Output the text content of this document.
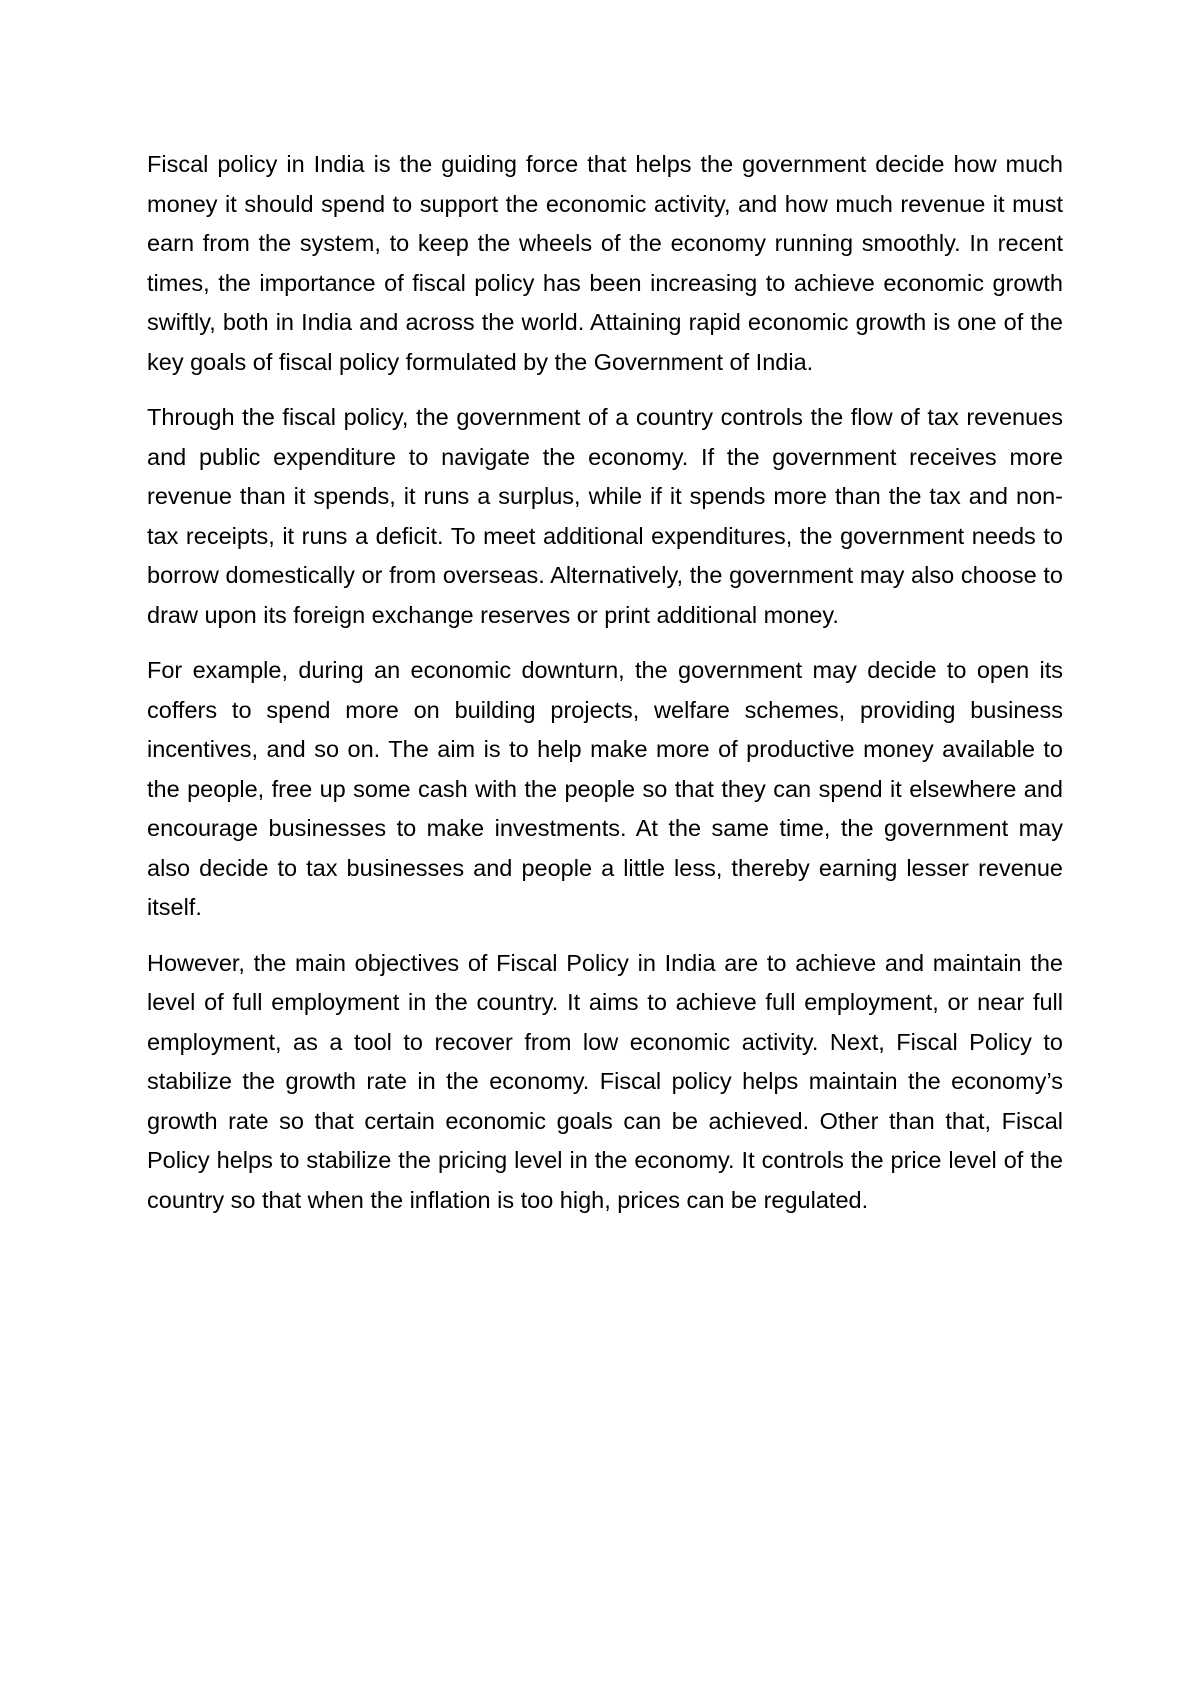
Fiscal policy in India is the guiding force that helps the government decide how much money it should spend to support the economic activity, and how much revenue it must earn from the system, to keep the wheels of the economy running smoothly. In recent times, the importance of fiscal policy has been increasing to achieve economic growth swiftly, both in India and across the world. Attaining rapid economic growth is one of the key goals of fiscal policy formulated by the Government of India.

Through the fiscal policy, the government of a country controls the flow of tax revenues and public expenditure to navigate the economy. If the government receives more revenue than it spends, it runs a surplus, while if it spends more than the tax and non-tax receipts, it runs a deficit. To meet additional expenditures, the government needs to borrow domestically or from overseas. Alternatively, the government may also choose to draw upon its foreign exchange reserves or print additional money.

For example, during an economic downturn, the government may decide to open its coffers to spend more on building projects, welfare schemes, providing business incentives, and so on. The aim is to help make more of productive money available to the people, free up some cash with the people so that they can spend it elsewhere and encourage businesses to make investments. At the same time, the government may also decide to tax businesses and people a little less, thereby earning lesser revenue itself.

However, the main objectives of Fiscal Policy in India are to achieve and maintain the level of full employment in the country. It aims to achieve full employment, or near full employment, as a tool to recover from low economic activity. Next, Fiscal Policy to stabilize the growth rate in the economy. Fiscal policy helps maintain the economy’s growth rate so that certain economic goals can be achieved. Other than that, Fiscal Policy helps to stabilize the pricing level in the economy. It controls the price level of the country so that when the inflation is too high, prices can be regulated.
